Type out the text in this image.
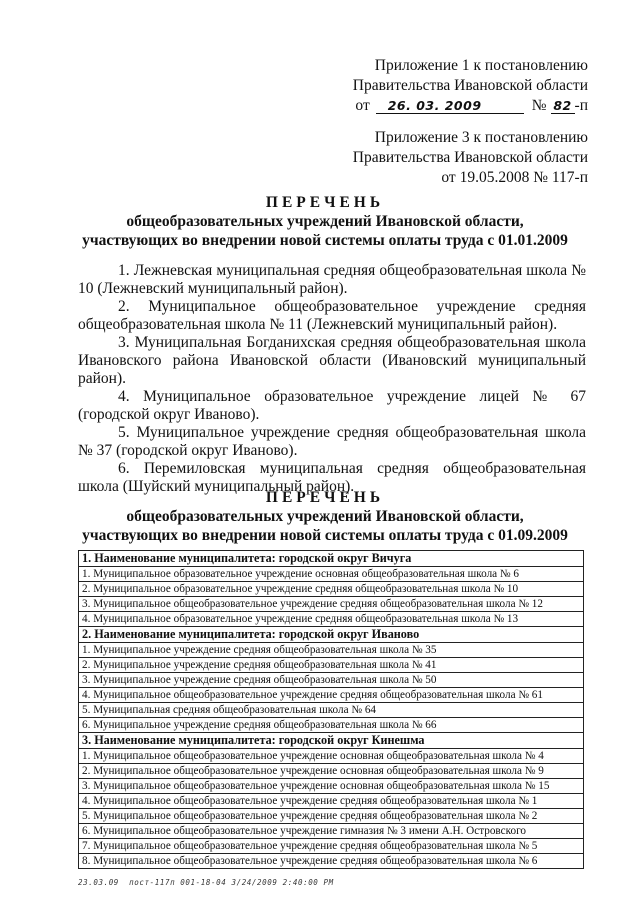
Приложение 1 к постановлению
Правительства Ивановской области
от	26. 03. 2009	№ 82 -п
Приложение 3 к постановлению
Правительства Ивановской области
от 19.05.2008 № 117-п
ПЕРЕЧЕНЬ
общеобразовательных учреждений Ивановской области,
участвующих во внедрении новой системы оплаты труда с 01.01.2009

1. Лежневская муниципальная средняя общеобразовательная школа № 10 (Лежневский муниципальный район).

2. Муниципальное общеобразовательное учреждение средняя общеобразовательная школа № 11 (Лежневский муниципальный район).

3. Муниципальная Богданихская средняя общеобразовательная школа Ивановского района Ивановской области (Ивановский муниципальный район).

4. Муниципальное образовательное учреждение лицей № 67 (городской округ Иваново).

5. Муниципальное учреждение средняя общеобразовательная школа № 37 (городской округ Иваново).

6. Перемиловская муниципальная средняя общеобразовательная школа (Шуйский муниципальный район).

ПЕРЕЧЕНЬ
общеобразовательных учреждений Ивановской области,
участвующих во внедрении новой системы оплаты труда с 01.09.2009
1. Наименование муниципалитета: городской округ Вичуга
1. Муниципальное образовательное учреждение основная общеобразовательная школа № 6
2. Муниципальное образовательное учреждение средняя общеобразовательная школа № 10
3. Муниципальное общеобразовательное учреждение средняя общеобразовательная школа № 12
4. Муниципальное образовательное учреждение средняя общеобразовательная школа № 13
2. Наименование муниципалитета: городской округ Иваново
1. Муниципальное учреждение средняя общеобразовательная школа № 35
2. Муниципальное учреждение средняя общеобразовательная школа № 41
3. Муниципальное учреждение средняя общеобразовательная школа № 50
4. Муниципальное общеобразовательное учреждение средняя общеобразовательная школа № 61
5. Муниципальная средняя общеобразовательная школа № 64
6. Муниципальное учреждение средняя общеобразовательная школа № 66
3. Наименование муниципалитета: городской округ Кинешма
1. Муниципальное общеобразовательное учреждение основная общеобразовательная школа № 4
2. Муниципальное общеобразовательное учреждение основная общеобразовательная школа № 9
3. Муниципальное общеобразовательное учреждение основная общеобразовательная школа № 15
4. Муниципальное общеобразовательное учреждение средняя общеобразовательная школа № 1
5. Муниципальное общеобразовательное учреждение средняя общеобразовательная школа № 2
6. Муниципальное общеобразовательное учреждение гимназия № 3 имени А.Н. Островского
7. Муниципальное общеобразовательное учреждение средняя общеобразовательная школа № 5
8. Муниципальное общеобразовательное учреждение средняя общеобразовательная школа № 6
23.03.09  пост-117п 001-18-04 3/24/2009 2:40:00 PM
